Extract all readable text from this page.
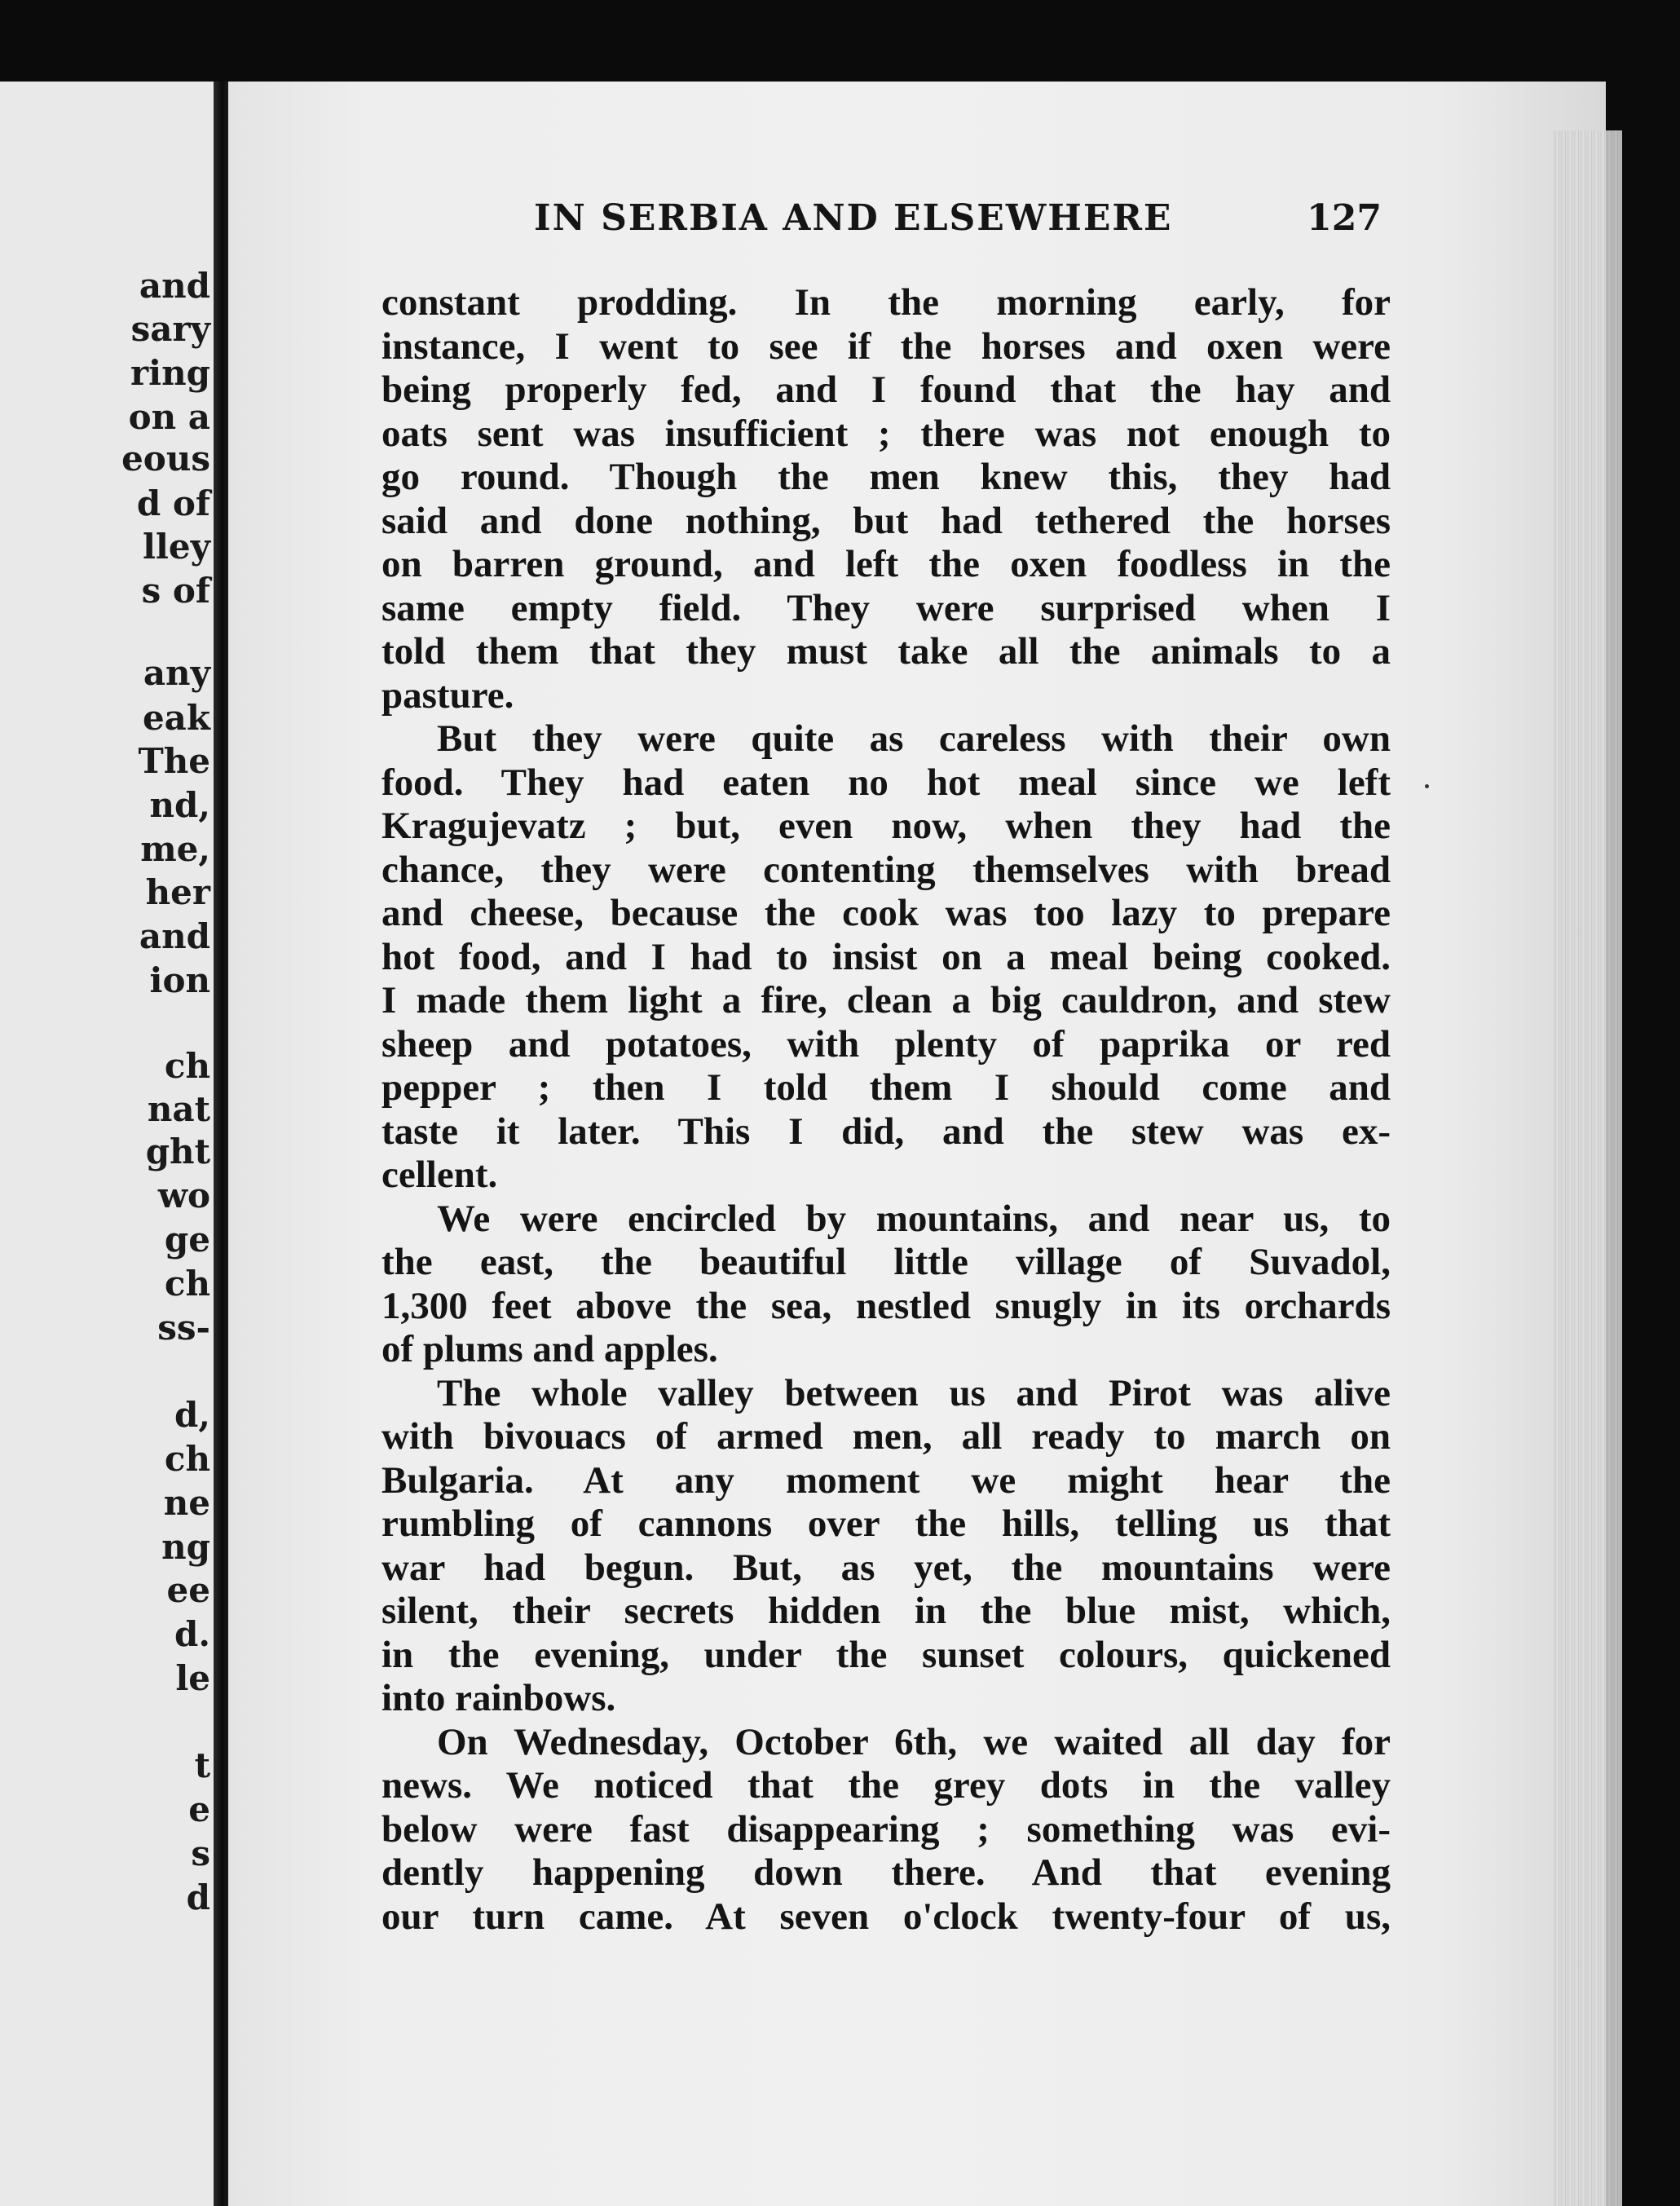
and

sary

ring

on a

eous

d of

lley

s of

any

eak

The

nd,

me,

her

and

ion

ch

nat

ght

wo

ge

ch

ss-

d,

ch

ne

ng

ee

d.

le

t

e

s

d

IN SERBIA AND ELSEWHERE	127
constant prodding. In the morning early, for
instance, I went to see if the horses and oxen were
being properly fed, and I found that the hay and
oats sent was insufficient ; there was not enough to
go round. Though the men knew this, they had
said and done nothing, but had tethered the horses
on barren ground, and left the oxen foodless in the
same empty field. They were surprised when I
told them that they must take all the animals to a
pasture.
But they were quite as careless with their own
food. They had eaten no hot meal since we left
Kragujevatz ; but, even now, when they had the
chance, they were contenting themselves with bread
and cheese, because the cook was too lazy to prepare
hot food, and I had to insist on a meal being cooked.
I made them light a fire, clean a big cauldron, and stew
sheep and potatoes, with plenty of paprika or red
pepper ; then I told them I should come and
taste it later. This I did, and the stew was ex-
cellent.
We were encircled by mountains, and near us, to
the east, the beautiful little village of Suvadol,
1,300 feet above the sea, nestled snugly in its orchards
of plums and apples.
The whole valley between us and Pirot was alive
with bivouacs of armed men, all ready to march on
Bulgaria. At any moment we might hear the
rumbling of cannons over the hills, telling us that
war had begun. But, as yet, the mountains were
silent, their secrets hidden in the blue mist, which,
in the evening, under the sunset colours, quickened
into rainbows.
On Wednesday, October 6th, we waited all day for
news. We noticed that the grey dots in the valley
below were fast disappearing ; something was evi-
dently happening down there. And that evening
our turn came. At seven o'clock twenty-four of us,
